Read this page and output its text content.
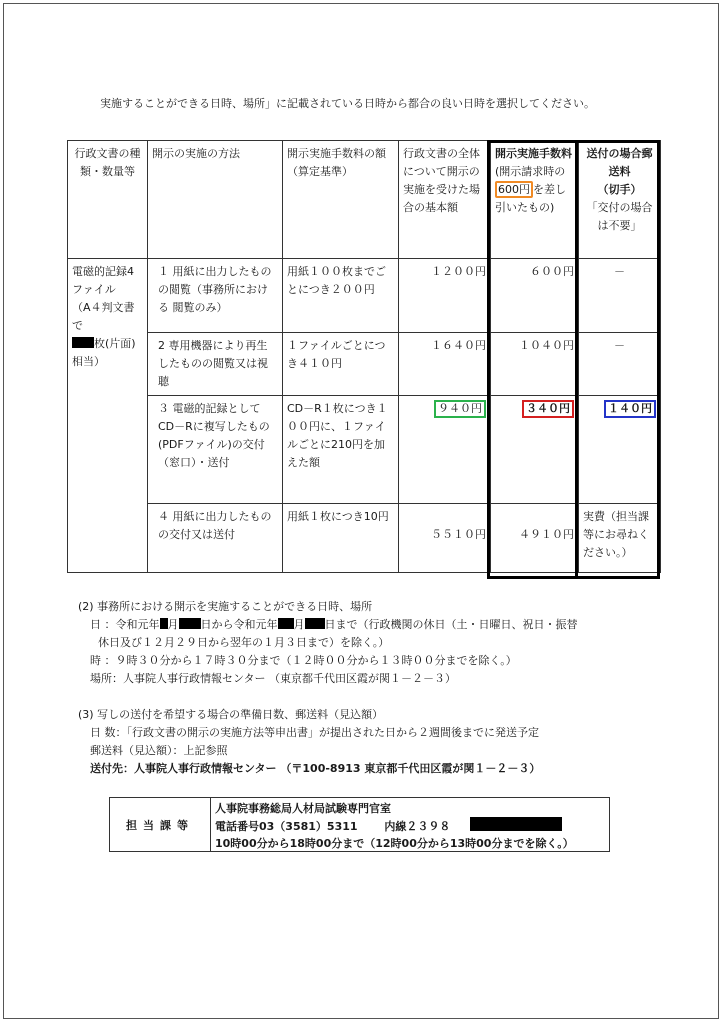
実施することができる日時、場所」に記載されている日時から都合の良い日時を選択してください。
行政文書の種類・数量等	開示の実施の方法	開示実施手数料の額（算定基準）	行政文書の全体について開示の実施を受けた場合の基本額	開示実施手数料(開示請求時の600円 を差し引いたもの)	送付の場合郵送料
（切手）
「交付の場合は不要」

電磁的記録4ファイル
（A４判文書で
枚(片面)相当）	１ 用紙に出力したものの閲覧（事務所における 閲覧のみ）	用紙１００枚までごとにつき２００円	１２００円	６００円	－
	2 専用機器により再生したものの閲覧又は視聴	１ファイルごとにつき４１０円	１６４０円	１０４０円	－
	３ 電磁的記録として CD－Rに複写したもの(PDFファイル)の交付（窓口）・送付	CD－R１枚につき１００円に、１ファイルごとに210円を加えた額	９４０円	３４０円	１４０円
	４ 用紙に出力したものの交付又は送付	用紙１枚につき10円	５５１０円	４９１０円	実費（担当課等にお尋ねください。）
(2) 事務所における開示を実施することができる日時、場所
日 ：令和元年 月 日から令和元年 月 日まで（行政機関の休日（土・日曜日、祝日・振替
休日及び１２月２９日から翌年の１月３日まで）を除く。）
時 ：９時３０分から１７時３０分まで（１２時００分から１３時００分までを除く。）
場所：人事院人事行政情報センター （東京都千代田区霞が関１－２－３）
(3) 写しの送付を希望する場合の準備日数、郵送料（見込額）
日 数：「行政文書の開示の実施方法等申出書」が提出された日から２週間後までに発送予定
郵送料（見込額）：上記参照
送付先：人事院人事行政情報センター （〒100-8913 東京都千代田区霞が関１－２－３）
担当課等
人事院事務総局人材局試験専門官室
電話番号03（3581）5311 内線２３９８
10時00分から18時00分まで（12時00分から13時00分までを除く。）
